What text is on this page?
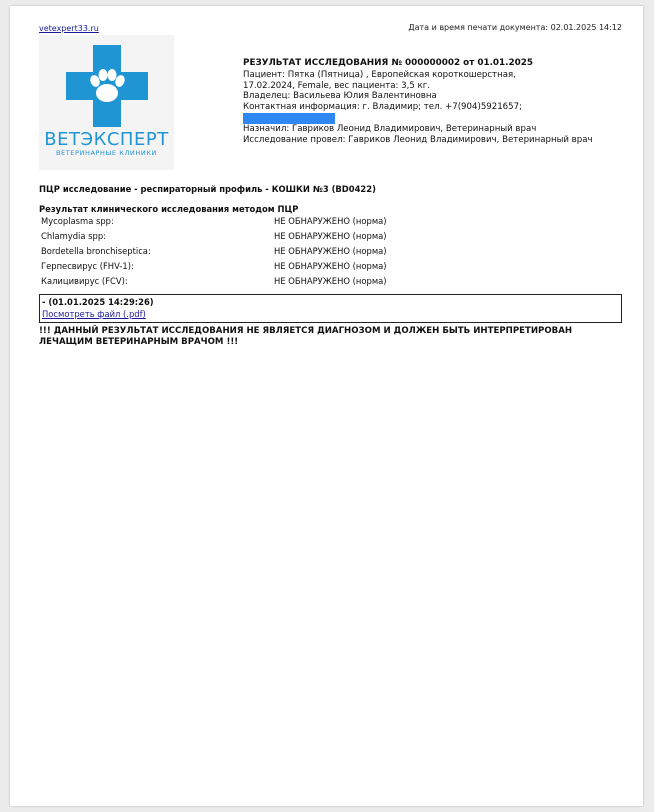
vetexpert33.ru	Дата и время печати документа: 02.01.2025 14:12
ВЕТЭКСПЕРТ
ВЕТЕРИНАРНЫЕ КЛИНИКИ
РЕЗУЛЬТАТ ИССЛЕДОВАНИЯ № 000000002 от 01.01.2025
Пациент: Пятка (Пятница) , Европейская короткошерстная,
17.02.2024, Female, вес пациента: 3,5 кг.
Владелец: Васильева Юлия Валентиновна
Контактная информация: г. Владимир; тел. +7(904)5921657;
Назначил: Гавриков Леонид Владимирович, Ветеринарный врач
Исследование провел: Гавриков Леонид Владимирович, Ветеринарный врач
ПЦР исследование - респираторный профиль - КОШКИ №3 (BD0422)
Результат клинического исследования методом ПЦР
Mycoplasma spp:	НЕ ОБНАРУЖЕНО (норма)
Chlamydia spp:	НЕ ОБНАРУЖЕНО (норма)
Bordetella bronchiseptica:	НЕ ОБНАРУЖЕНО (норма)
Герпесвирус (FHV-1):	НЕ ОБНАРУЖЕНО (норма)
Калицивирус (FCV):	НЕ ОБНАРУЖЕНО (норма)
- (01.01.2025 14:29:26)
Посмотреть файл (.pdf)
!!! ДАННЫЙ РЕЗУЛЬТАТ ИССЛЕДОВАНИЯ НЕ ЯВЛЯЕТСЯ ДИАГНОЗОМ И ДОЛЖЕН БЫТЬ ИНТЕРПРЕТИРОВАН ЛЕЧАЩИМ ВЕТЕРИНАРНЫМ ВРАЧОМ !!!
